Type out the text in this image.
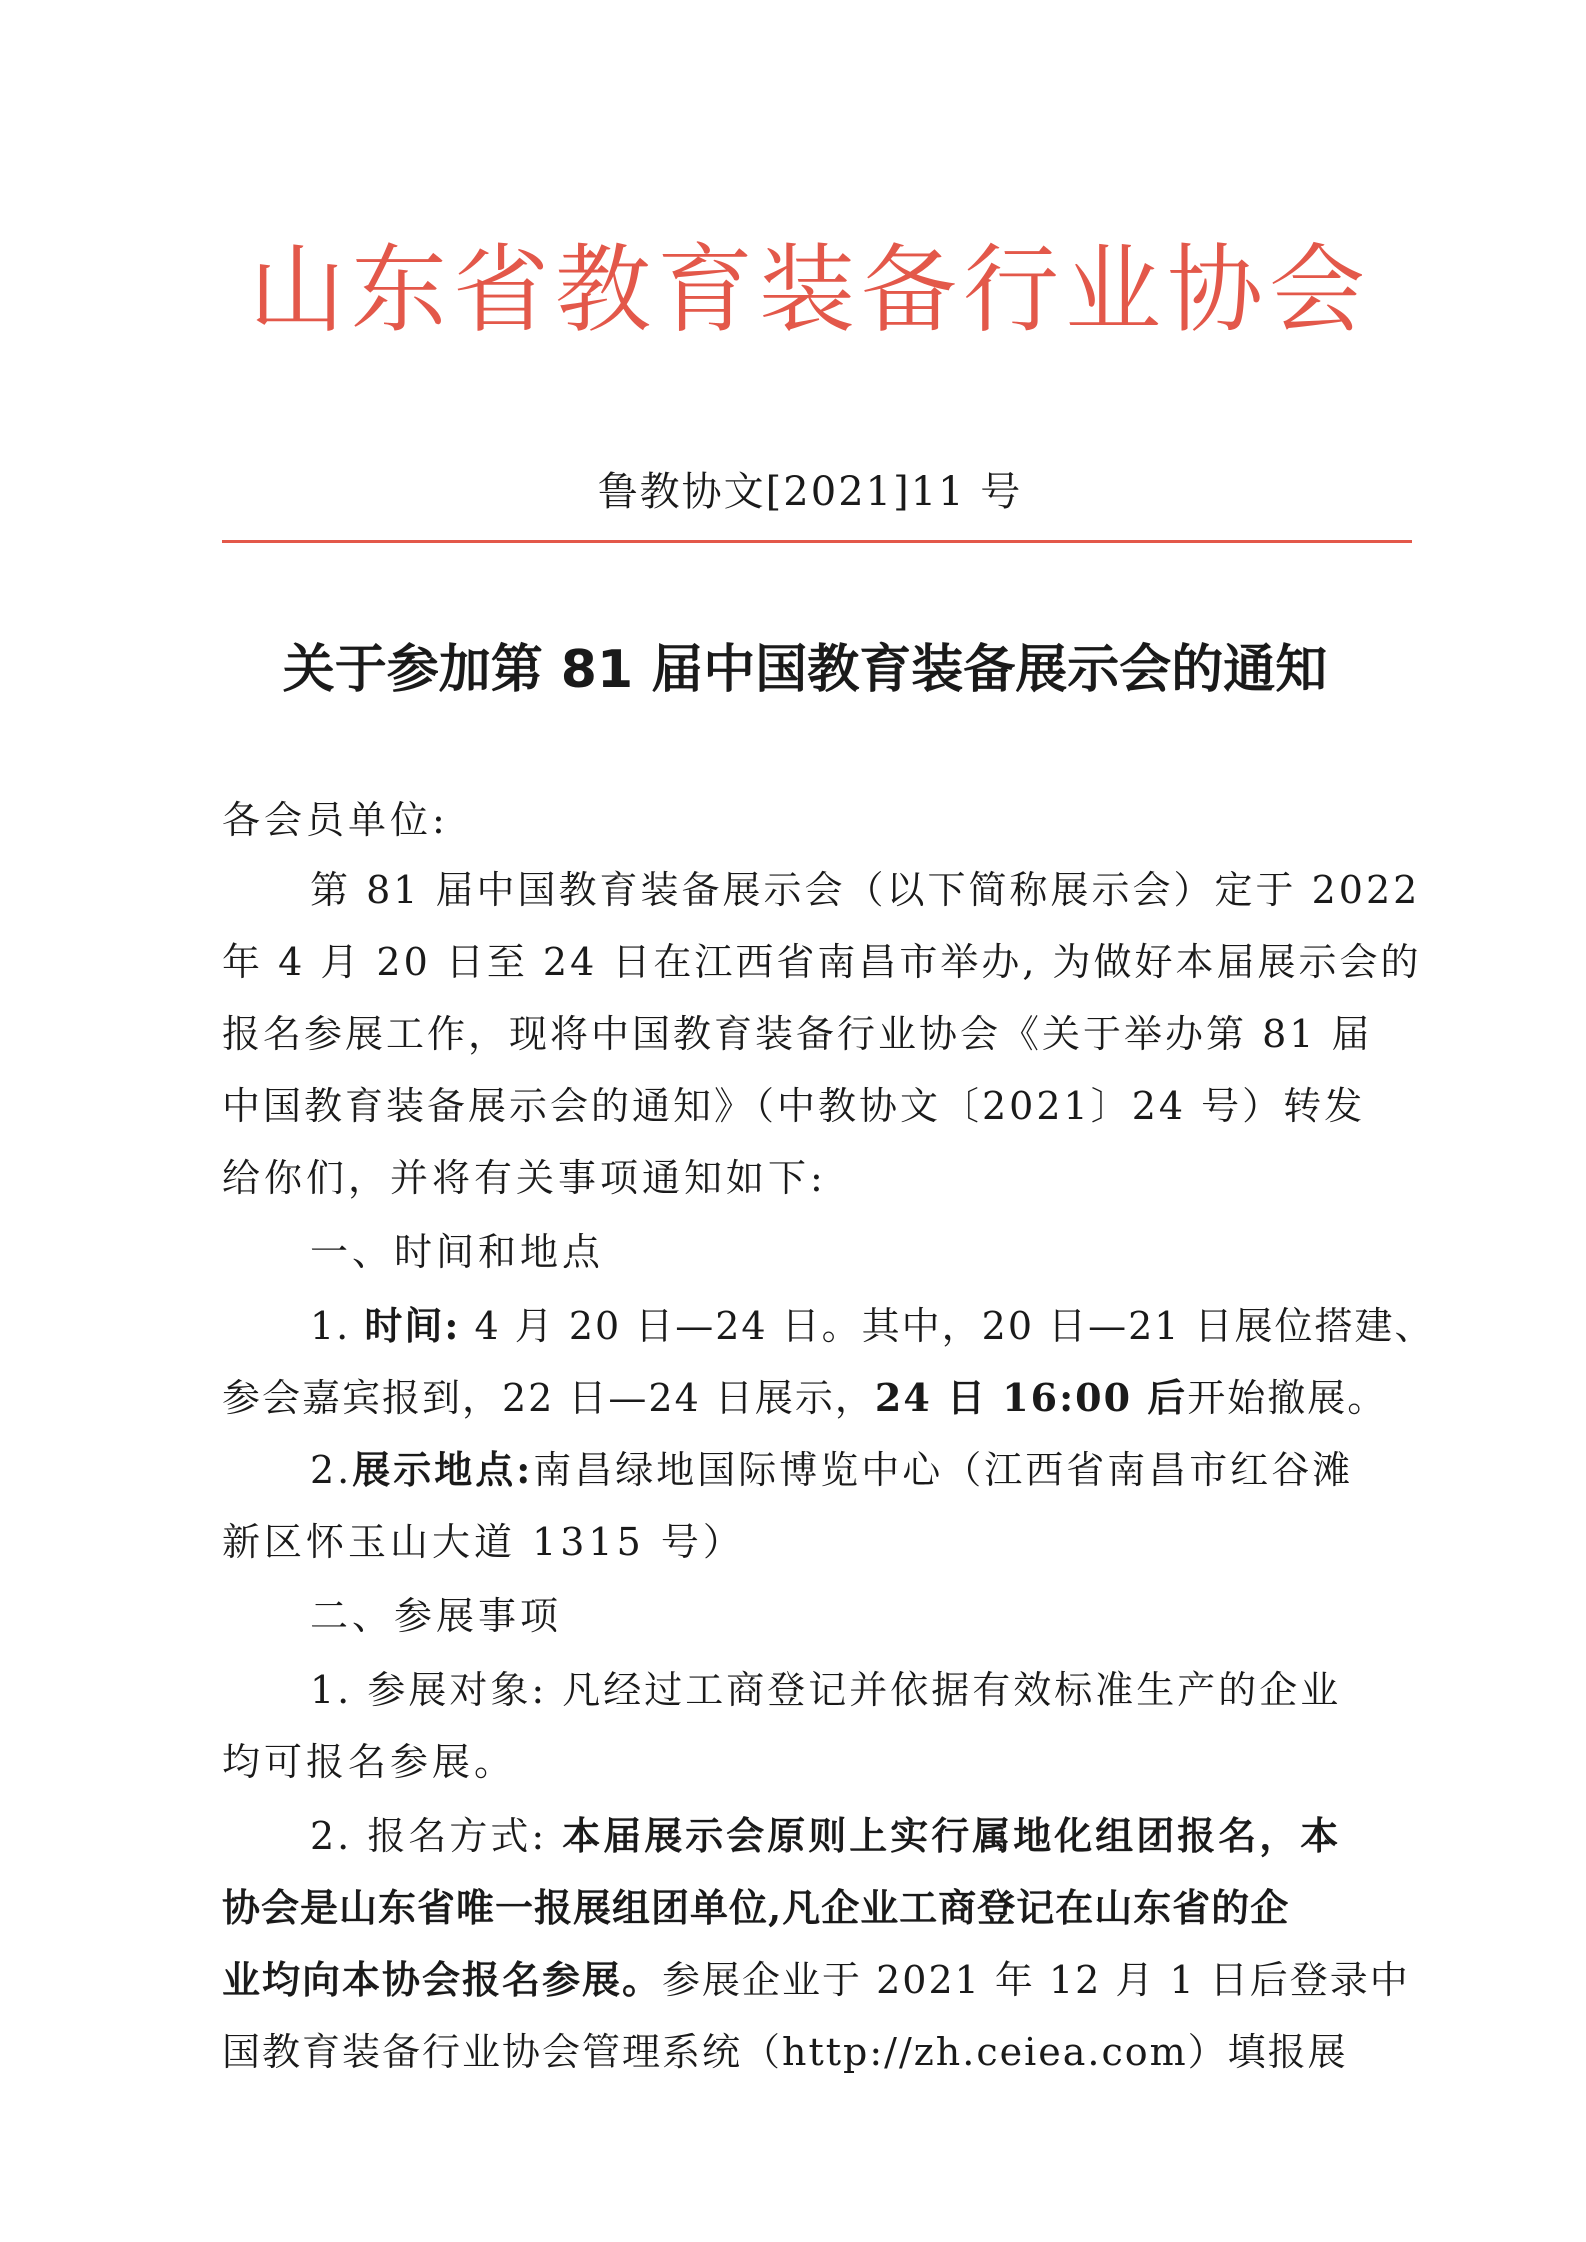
山东省教育装备行业协会
鲁教协文[2021]11 号
关于参加第 81 届中国教育装备展示会的通知
各会员单位:
第 81 届中国教育装备展示会（以下简称展示会）定于 2022
年 4 月 20 日至 24 日在江西省南昌市举办, 为做好本届展示会的
报名参展工作，现将中国教育装备行业协会《关于举办第 81 届
中国教育装备展示会的通知》（中教协文〔2021〕24 号）转发
给你们，并将有关事项通知如下:
一、时间和地点
1. 时间: 4 月 20 日—24 日。其中，20 日—21 日展位搭建、
参会嘉宾报到，22 日—24 日展示，24 日 16:00 后开始撤展。
2.展示地点:南昌绿地国际博览中心（江西省南昌市红谷滩
新区怀玉山大道 1315 号）
二、参展事项
1. 参展对象: 凡经过工商登记并依据有效标准生产的企业
均可报名参展。
2. 报名方式: 本届展示会原则上实行属地化组团报名，本
协会是山东省唯一报展组团单位,凡企业工商登记在山东省的企
业均向本协会报名参展。参展企业于 2021 年 12 月 1 日后登录中
国教育装备行业协会管理系统（http://zh.ceiea.com）填报展
